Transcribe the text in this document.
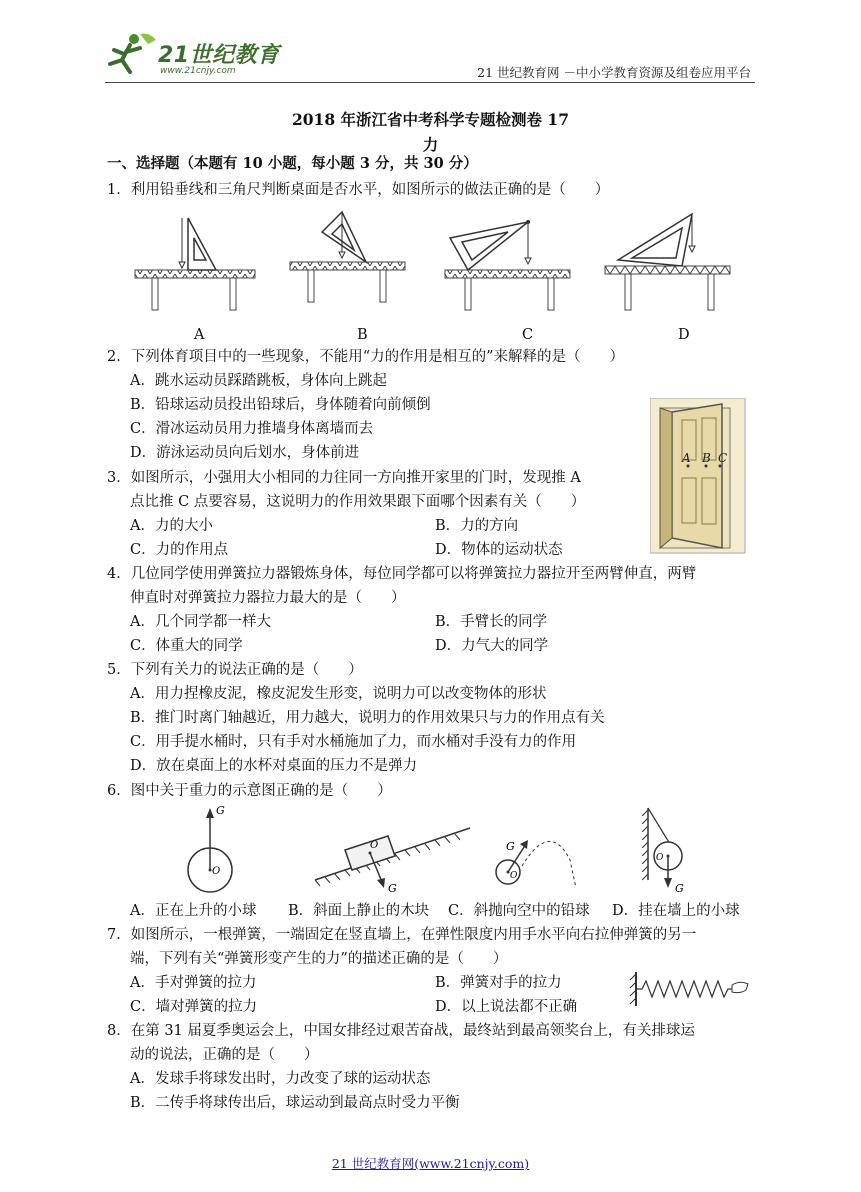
21世纪教育
www.21cnjy.com	21 世纪教育网 －中小学教育资源及组卷应用平台
2018 年浙江省中考科学专题检测卷 17
力
一、选择题（本题有 10 小题，每小题 3 分，共 30 分）
1．利用铅垂线和三角尺判断桌面是否水平，如图所示的做法正确的是（　　）
A	B	C	D
2．下列体育项目中的一些现象，不能用“力的作用是相互的”来解释的是（　　）
A．跳水运动员踩踏跳板，身体向上跳起
B．铅球运动员投出铅球后，身体随着向前倾倒
C．滑冰运动员用力推墙身体离墙而去
D．游泳运动员向后划水，身体前进	A B C
3．如图所示，小强用大小相同的力往同一方向推开家里的门时，发现推 A
点比推 C 点要容易，这说明力的作用效果跟下面哪个因素有关（　　）
A．力的大小	B．力的方向
C．力的作用点	D．物体的运动状态
4．几位同学使用弹簧拉力器锻炼身体，每位同学都可以将弹簧拉力器拉开至两臂伸直，两臂
伸直时对弹簧拉力器拉力最大的是（　　）
A．几个同学都一样大	B．手臂长的同学
C．体重大的同学	D．力气大的同学
5．下列有关力的说法正确的是（　　）
A．用力捏橡皮泥，橡皮泥发生形变，说明力可以改变物体的形状
B．推门时离门轴越近，用力越大，说明力的作用效果只与力的作用点有关
C．用手提水桶时，只有手对水桶施加了力，而水桶对手没有力的作用
D．放在桌面上的水杯对桌面的压力不是弹力
6．图中关于重力的示意图正确的是（　　）
G
O
G
O	G
O
G
O
A．正在上升的小球 B．斜面上静止的木块 C．斜抛向空中的铅球 D．挂在墙上的小球
7．如图所示，一根弹簧，一端固定在竖直墙上，在弹性限度内用手水平向右拉伸弹簧的另一
端，下列有关“弹簧形变产生的力”的描述正确的是（　　）
A．手对弹簧的拉力	B．弹簧对手的拉力
C．墙对弹簧的拉力	D．以上说法都不正确
8．在第 31 届夏季奥运会上，中国女排经过艰苦奋战，最终站到最高领奖台上，有关排球运
动的说法，正确的是（　　）
A．发球手将球发出时，力改变了球的运动状态
B．二传手将球传出后，球运动到最高点时受力平衡
21 世纪教育网(www.21cnjy.com)
